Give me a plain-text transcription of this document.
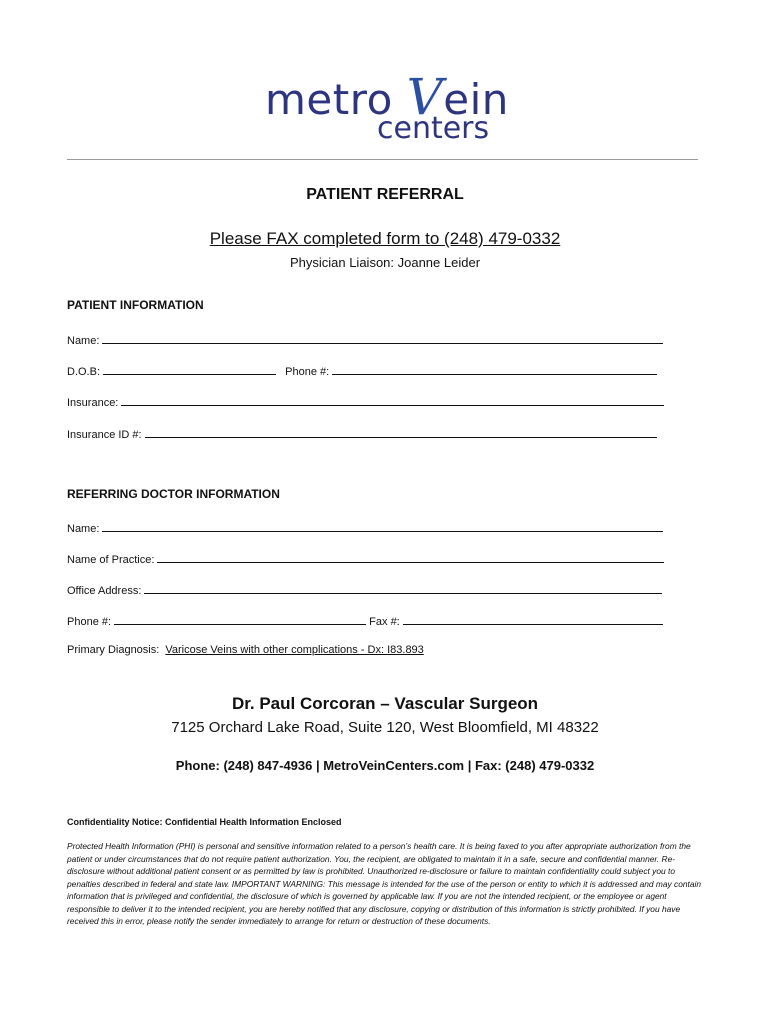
metro Vein
centers
PATIENT REFERRAL
Please FAX completed form to (248) 479-0332
Physician Liaison: Joanne Leider
PATIENT INFORMATION
Name:
D.O.B:	Phone #:
Insurance:
Insurance ID #:
REFERRING DOCTOR INFORMATION
Name:
Name of Practice:
Office Address:
Phone #:	Fax #:
Primary Diagnosis: Varicose Veins with other complications - Dx: I83.893
Dr. Paul Corcoran – Vascular Surgeon
7125 Orchard Lake Road, Suite 120, West Bloomfield, MI 48322
Phone: (248) 847-4936 | MetroVeinCenters.com | Fax: (248) 479-0332
Confidentiality Notice: Confidential Health Information Enclosed
Protected Health Information (PHI) is personal and sensitive information related to a person’s health care. It is being faxed to you after appropriate authorization from the patient or under circumstances that do not require patient authorization. You, the recipient, are obligated to maintain it in a safe, secure and confidential manner. Re-disclosure without additional patient consent or as permitted by law is prohibited. Unauthorized re-disclosure or failure to maintain confidentiality could subject you to penalties described in federal and state law. IMPORTANT WARNING: This message is intended for the use of the person or entity to which it is addressed and may contain information that is privileged and confidential, the disclosure of which is governed by applicable law. If you are not the intended recipient, or the employee or agent responsible to deliver it to the intended recipient, you are hereby notified that any disclosure, copying or distribution of this information is strictly prohibited. If you have received this in error, please notify the sender immediately to arrange for return or destruction of these documents.
